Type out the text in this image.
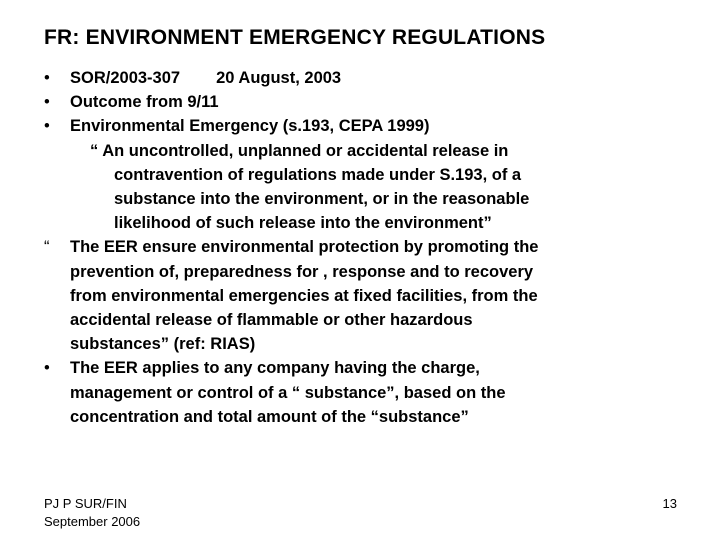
FR: ENVIRONMENT EMERGENCY REGULATIONS
• SOR/2003-307 20 August, 2003
• Outcome from 9/11
• Environmental Emergency (s.193, CEPA 1999)
“ An uncontrolled, unplanned or accidental release in
contravention of regulations made under S.193, of a
substance into the environment, or in the reasonable
likelihood of such release into the environment”
“ The EER ensure environmental protection by promoting the
prevention of, preparedness for , response and to recovery
from environmental emergencies at fixed facilities, from the
accidental release of flammable or other hazardous
substances” (ref: RIAS)
• The EER applies to any company having the charge,
management or control of a “ substance”, based on the
concentration and total amount of the “substance”
PJ P SUR/FIN
September 2006
13
